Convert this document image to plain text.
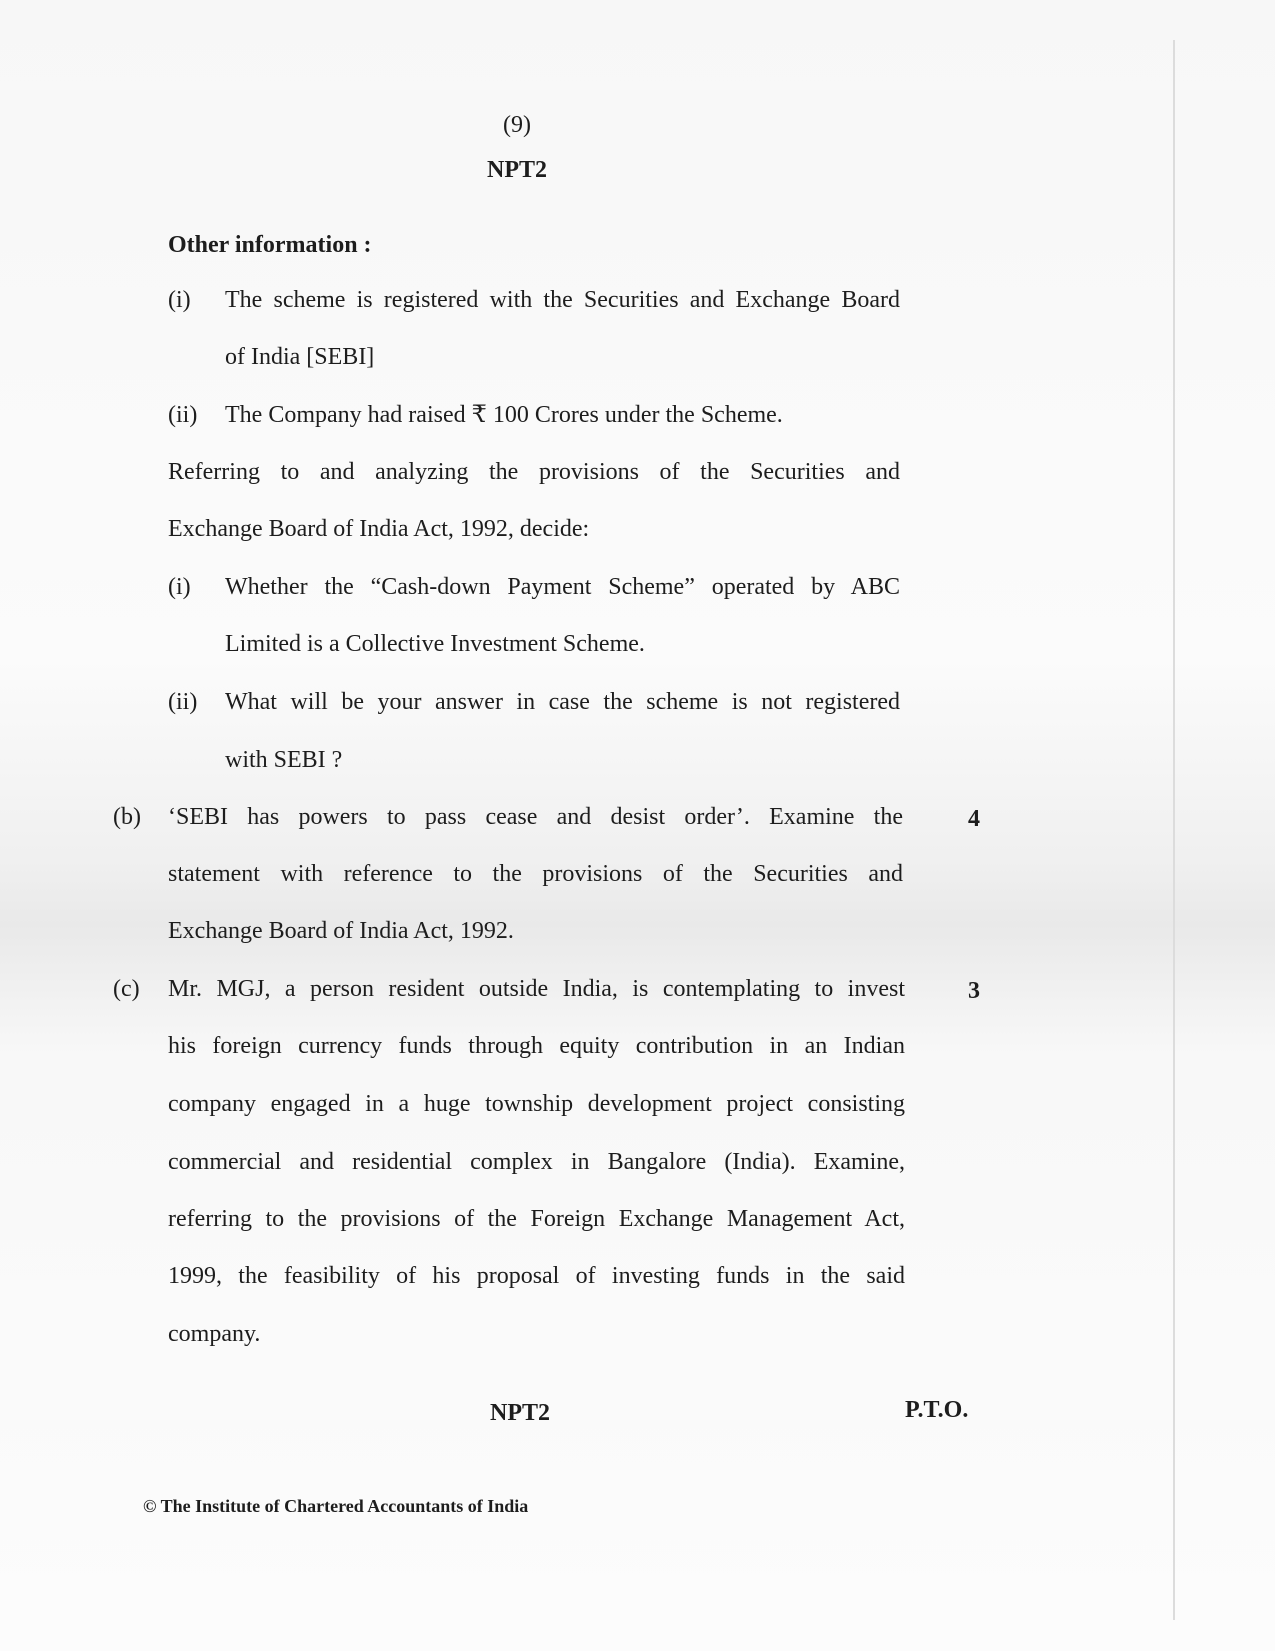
(9)
NPT2
Other information :
(i) The scheme is registered with the Securities and Exchange Board
of India [SEBI]
(ii) The Company had raised ₹ 100 Crores under the Scheme.
Referring to and analyzing the provisions of the Securities and
Exchange Board of India Act, 1992, decide:
(i) Whether the “Cash-down Payment Scheme” operated by ABC
Limited is a Collective Investment Scheme.
(ii) What will be your answer in case the scheme is not registered
with SEBI ?
(b) ‘SEBI has powers to pass cease and desist order’. Examine the	4
statement with reference to the provisions of the Securities and
Exchange Board of India Act, 1992.
(c) Mr. MGJ, a person resident outside India, is contemplating to invest	3
his foreign currency funds through equity contribution in an Indian
company engaged in a huge township development project consisting
commercial and residential complex in Bangalore (India). Examine,
referring to the provisions of the Foreign Exchange Management Act,
1999, the feasibility of his proposal of investing funds in the said
company.
NPT2	P.T.O.
© The Institute of Chartered Accountants of India
